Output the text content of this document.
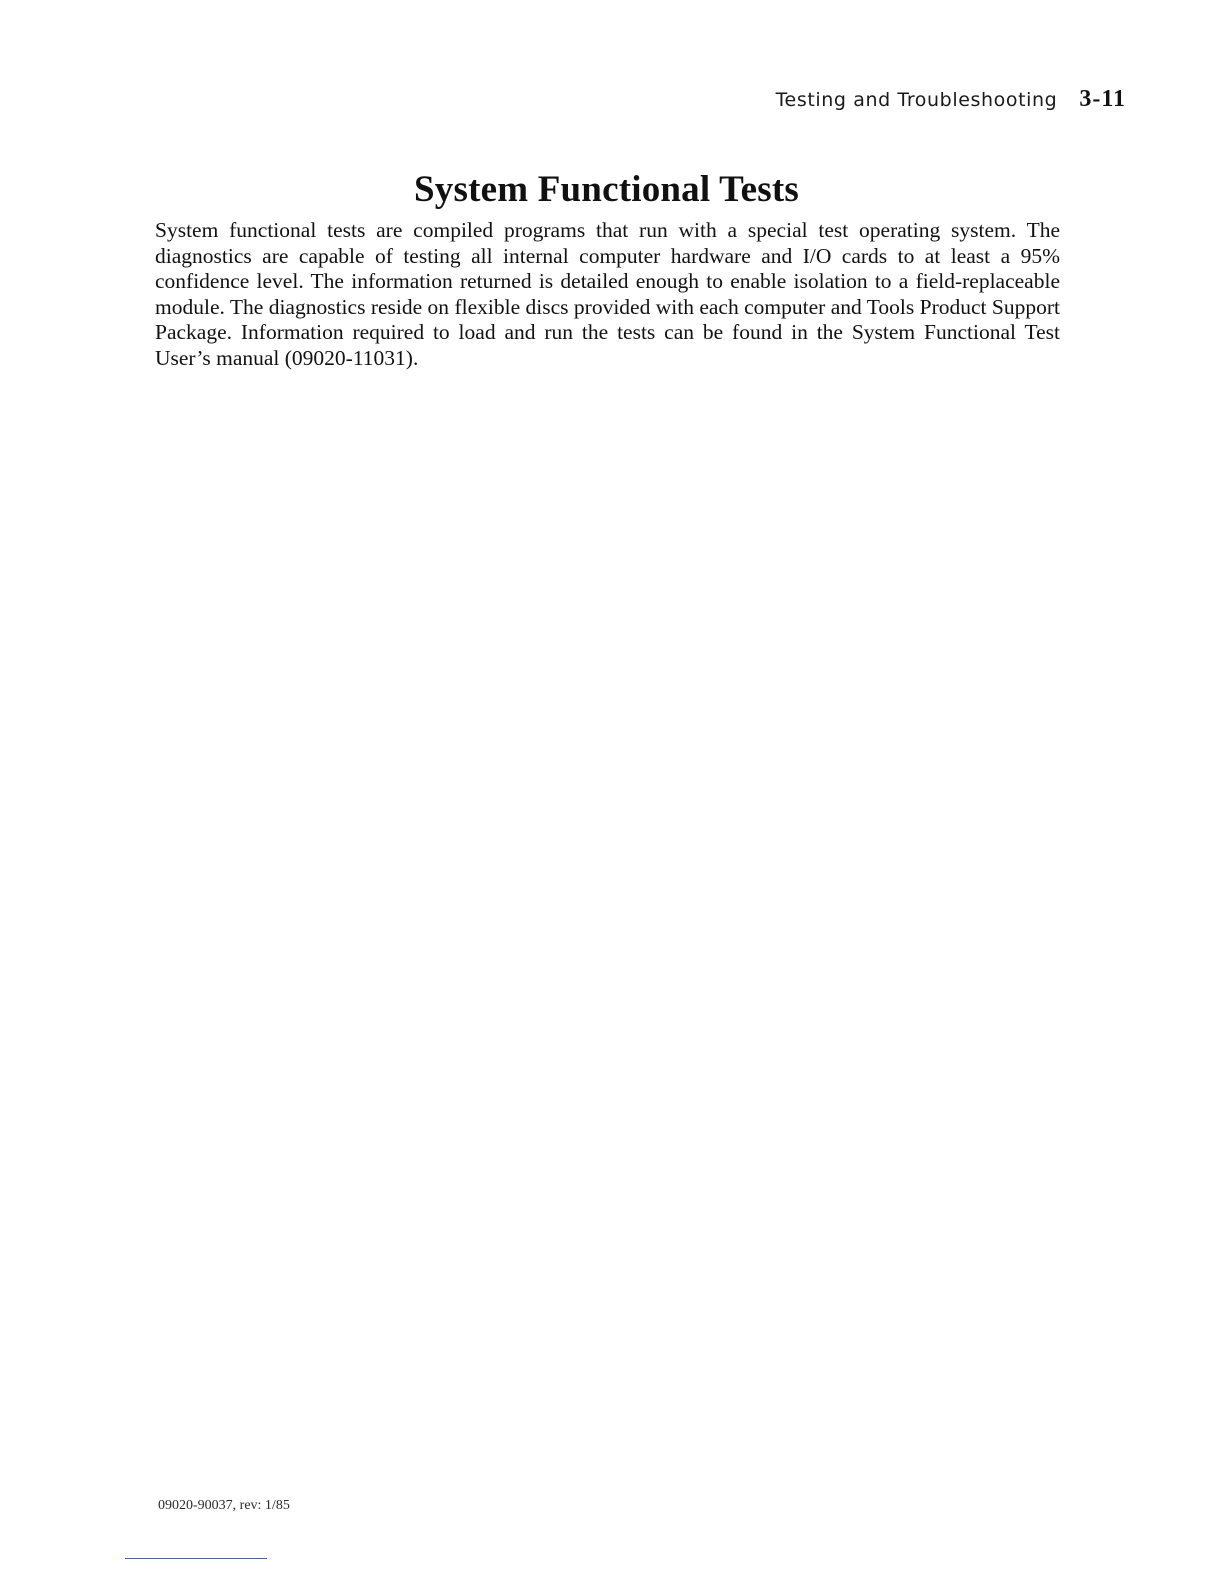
Testing and Troubleshooting 3-11
System Functional Tests

System functional tests are compiled programs that run with a special test operating system. The diagnostics are capable of testing all internal computer hardware and I/O cards to at least a 95% confidence level. The information returned is detailed enough to enable isolation to a field-replaceable module. The diagnostics reside on flexible discs provided with each computer and Tools Product Support Package. Information required to load and run the tests can be found in the System Functional Test User’s manual (09020-11031).

09020-90037, rev: 1/85
